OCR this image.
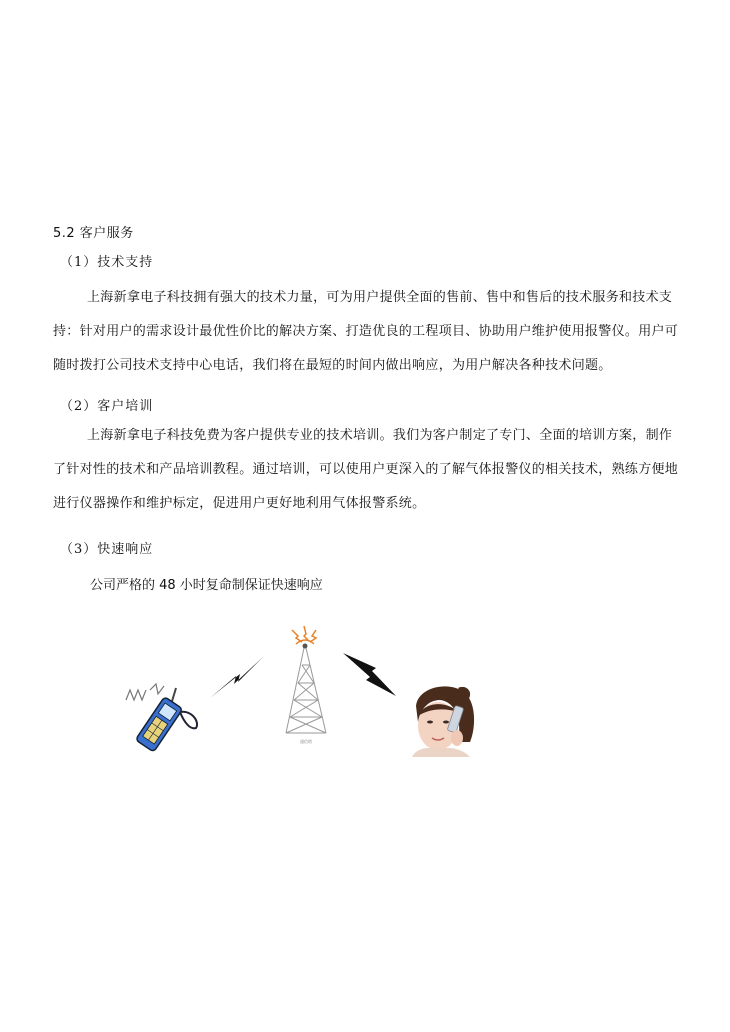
5.2 客户服务
（1）技术支持
上海新拿电子科技拥有强大的技术力量，可为用户提供全面的售前、售中和售后的技术服务和技术支持：针对用户的需求设计最优性价比的解决方案、打造优良的工程项目、协助用户维护使用报警仪。用户可随时拨打公司技术支持中心电话，我们将在最短的时间内做出响应，为用户解决各种技术问题。
（2）客户培训
上海新拿电子科技免费为客户提供专业的技术培训。我们为客户制定了专门、全面的培训方案，制作了针对性的技术和产品培训教程。通过培训，可以使用户更深入的了解气体报警仪的相关技术，熟练方便地进行仪器操作和维护标定，促进用户更好地利用气体报警系统。
（3）快速响应
公司严格的 48 小时复命制保证快速响应
通信塔
